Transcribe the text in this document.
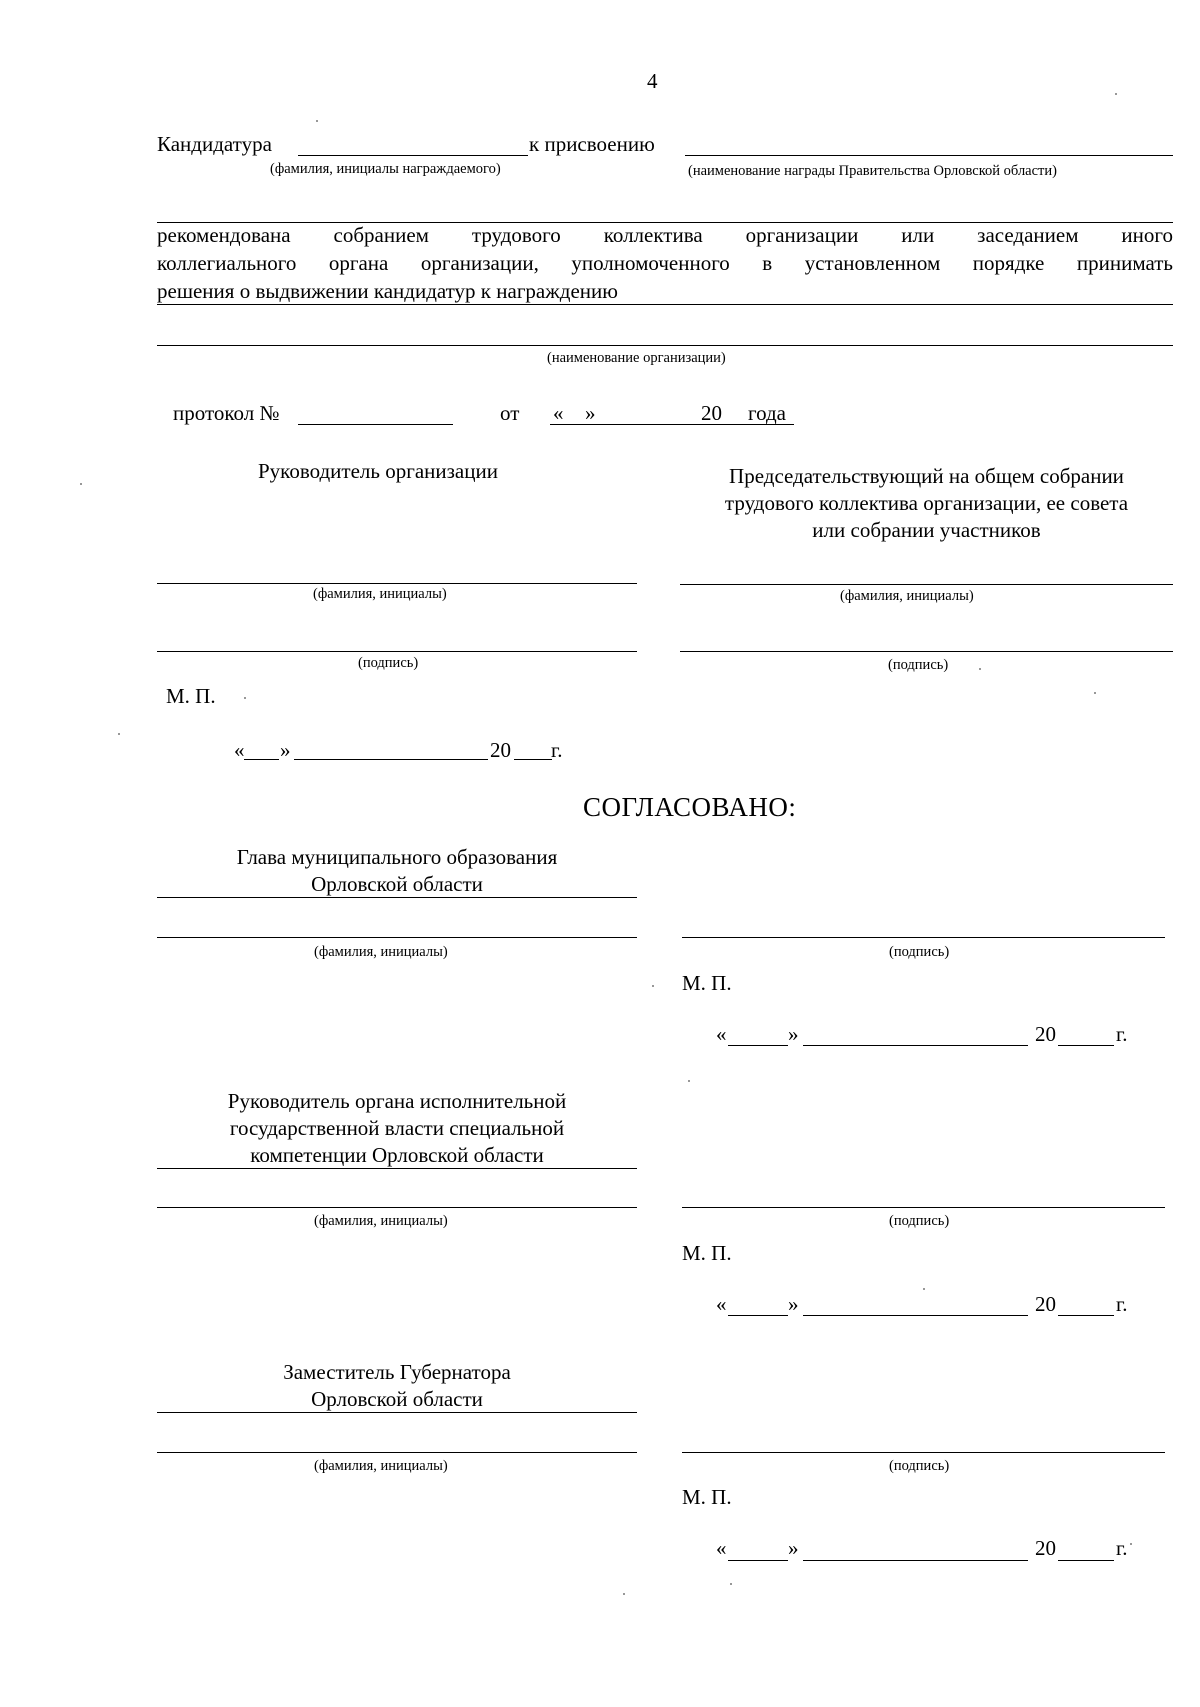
4
Кандидатура	к присвоению
(фамилия, инициалы награждаемого)	(наименование награды Правительства Орловской области)
рекомендована собранием трудового коллектива организации или заседанием иного
коллегиального органа организации, уполномоченного в установленном порядке принимать
решения о выдвижении кандидатур к награждению
(наименование организации)
протокол №	от « »	20 года
Руководитель организации	Председательствующий на общем собрании
трудового коллектива организации, ее совета
или собрании участников
(фамилия, инициалы)	(фамилия, инициалы)
(подпись)	(подпись)
М. П.
« »	20 г.
СОГЛАСОВАНО:
Глава муниципального образования
Орловской области
(фамилия, инициалы)	(подпись)
М. П.
«	»	20	г.
Руководитель органа исполнительной
государственной власти специальной
компетенции Орловской области
(фамилия, инициалы)	(подпись)
М. П.
«	»	20	г.
Заместитель Губернатора
Орловской области
(фамилия, инициалы)	(подпись)
М. П.
«	»	20	г.
